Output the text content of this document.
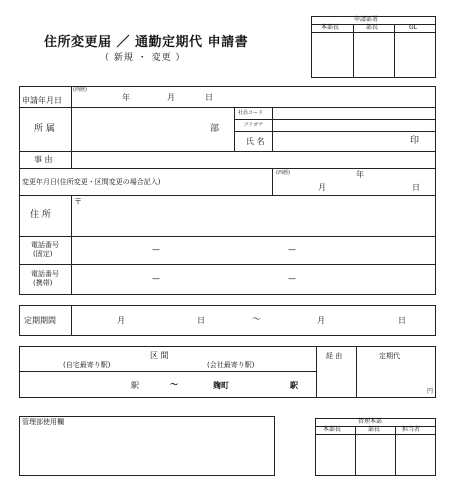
住所変更届 ／ 通勤定期代 申請書
（ 新規 ・ 変更 ）
申請部署
本部長	部長	GL
申請年月日
(西暦)
年	月	日
所 属	部
社員コード
フリガナ
氏 名	印
事 由
変更年月日(住所変更・区間変更の場合記入)
(西暦)	年
月	日
住 所
〒
電話番号
(固定)	—	—
電話番号
(携帯)	—	—
定期期間	月	日	〜	月	日
区 間
(自宅最寄り駅)	(会社最寄り駅)
経 由	定期代
駅	〜	麹町	駅
円
管理部使用欄	管理本部
本部長	部長	担当者
